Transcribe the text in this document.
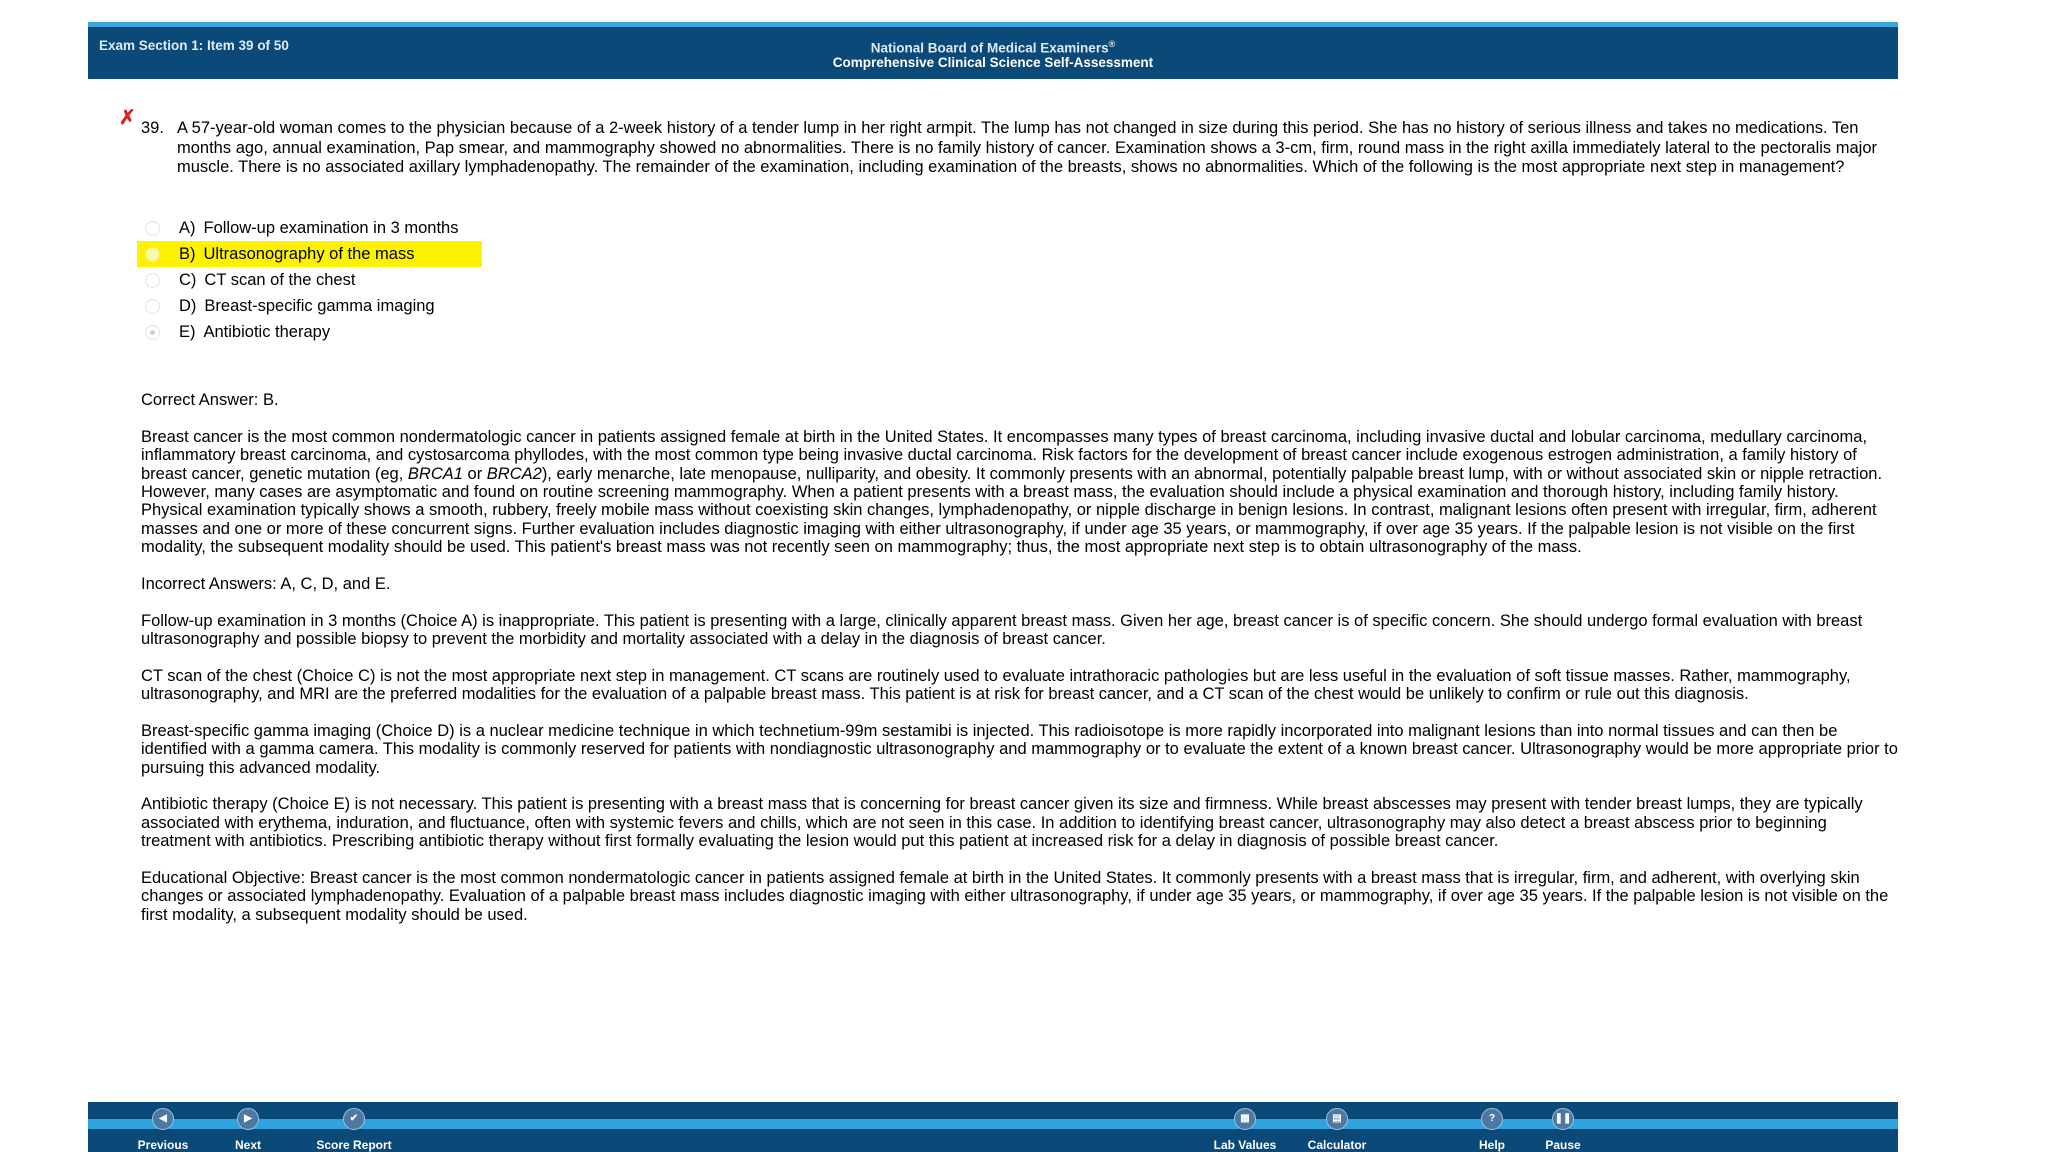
Exam Section 1: Item 39 of 50	National Board of Medical Examiners®
Comprehensive Clinical Science Self-Assessment
✗ 39. A 57-year-old woman comes to the physician because of a 2-week history of a tender lump in her right armpit. The lump has not changed in size during this period. She has no history of serious illness and takes no medications. Ten months ago, annual examination, Pap smear, and mammography showed no abnormalities. There is no family history of cancer. Examination shows a 3-cm, firm, round mass in the right axilla immediately lateral to the pectoralis major muscle. There is no associated axillary lymphadenopathy. The remainder of the examination, including examination of the breasts, shows no abnormalities. Which of the following is the most appropriate next step in management?
A) Follow-up examination in 3 months
B) Ultrasonography of the mass
C) CT scan of the chest
D) Breast-specific gamma imaging
E) Antibiotic therapy

Correct Answer: B.

Breast cancer is the most common nondermatologic cancer in patients assigned female at birth in the United States. It encompasses many types of breast carcinoma, including invasive ductal and lobular carcinoma, medullary carcinoma, inflammatory breast carcinoma, and cystosarcoma phyllodes, with the most common type being invasive ductal carcinoma. Risk factors for the development of breast cancer include exogenous estrogen administration, a family history of breast cancer, genetic mutation (eg, BRCA1 or BRCA2), early menarche, late menopause, nulliparity, and obesity. It commonly presents with an abnormal, potentially palpable breast lump, with or without associated skin or nipple retraction. However, many cases are asymptomatic and found on routine screening mammography. When a patient presents with a breast mass, the evaluation should include a physical examination and thorough history, including family history. Physical examination typically shows a smooth, rubbery, freely mobile mass without coexisting skin changes, lymphadenopathy, or nipple discharge in benign lesions. In contrast, malignant lesions often present with irregular, firm, adherent masses and one or more of these concurrent signs. Further evaluation includes diagnostic imaging with either ultrasonography, if under age 35 years, or mammography, if over age 35 years. If the palpable lesion is not visible on the first modality, the subsequent modality should be used. This patient's breast mass was not recently seen on mammography; thus, the most appropriate next step is to obtain ultrasonography of the mass.

Incorrect Answers: A, C, D, and E.

Follow-up examination in 3 months (Choice A) is inappropriate. This patient is presenting with a large, clinically apparent breast mass. Given her age, breast cancer is of specific concern. She should undergo formal evaluation with breast ultrasonography and possible biopsy to prevent the morbidity and mortality associated with a delay in the diagnosis of breast cancer.

CT scan of the chest (Choice C) is not the most appropriate next step in management. CT scans are routinely used to evaluate intrathoracic pathologies but are less useful in the evaluation of soft tissue masses. Rather, mammography, ultrasonography, and MRI are the preferred modalities for the evaluation of a palpable breast mass. This patient is at risk for breast cancer, and a CT scan of the chest would be unlikely to confirm or rule out this diagnosis.

Breast-specific gamma imaging (Choice D) is a nuclear medicine technique in which technetium-99m sestamibi is injected. This radioisotope is more rapidly incorporated into malignant lesions than into normal tissues and can then be identified with a gamma camera. This modality is commonly reserved for patients with nondiagnostic ultrasonography and mammography or to evaluate the extent of a known breast cancer. Ultrasonography would be more appropriate prior to pursuing this advanced modality.

Antibiotic therapy (Choice E) is not necessary. This patient is presenting with a breast mass that is concerning for breast cancer given its size and firmness. While breast abscesses may present with tender breast lumps, they are typically associated with erythema, induration, and fluctuance, often with systemic fevers and chills, which are not seen in this case. In addition to identifying breast cancer, ultrasonography may also detect a breast abscess prior to beginning treatment with antibiotics. Prescribing antibiotic therapy without first formally evaluating the lesion would put this patient at increased risk for a delay in diagnosis of possible breast cancer.

Educational Objective: Breast cancer is the most common nondermatologic cancer in patients assigned female at birth in the United States. It commonly presents with a breast mass that is irregular, firm, and adherent, with overlying skin changes or associated lymphadenopathy. Evaluation of a palpable breast mass includes diagnostic imaging with either ultrasonography, if under age 35 years, or mammography, if over age 35 years. If the palpable lesion is not visible on the first modality, a subsequent modality should be used.

◀
Previous
▶
Next
✔
Score Report
▦
Lab Values
▤
Calculator
?
Help
❚❚
Pause
